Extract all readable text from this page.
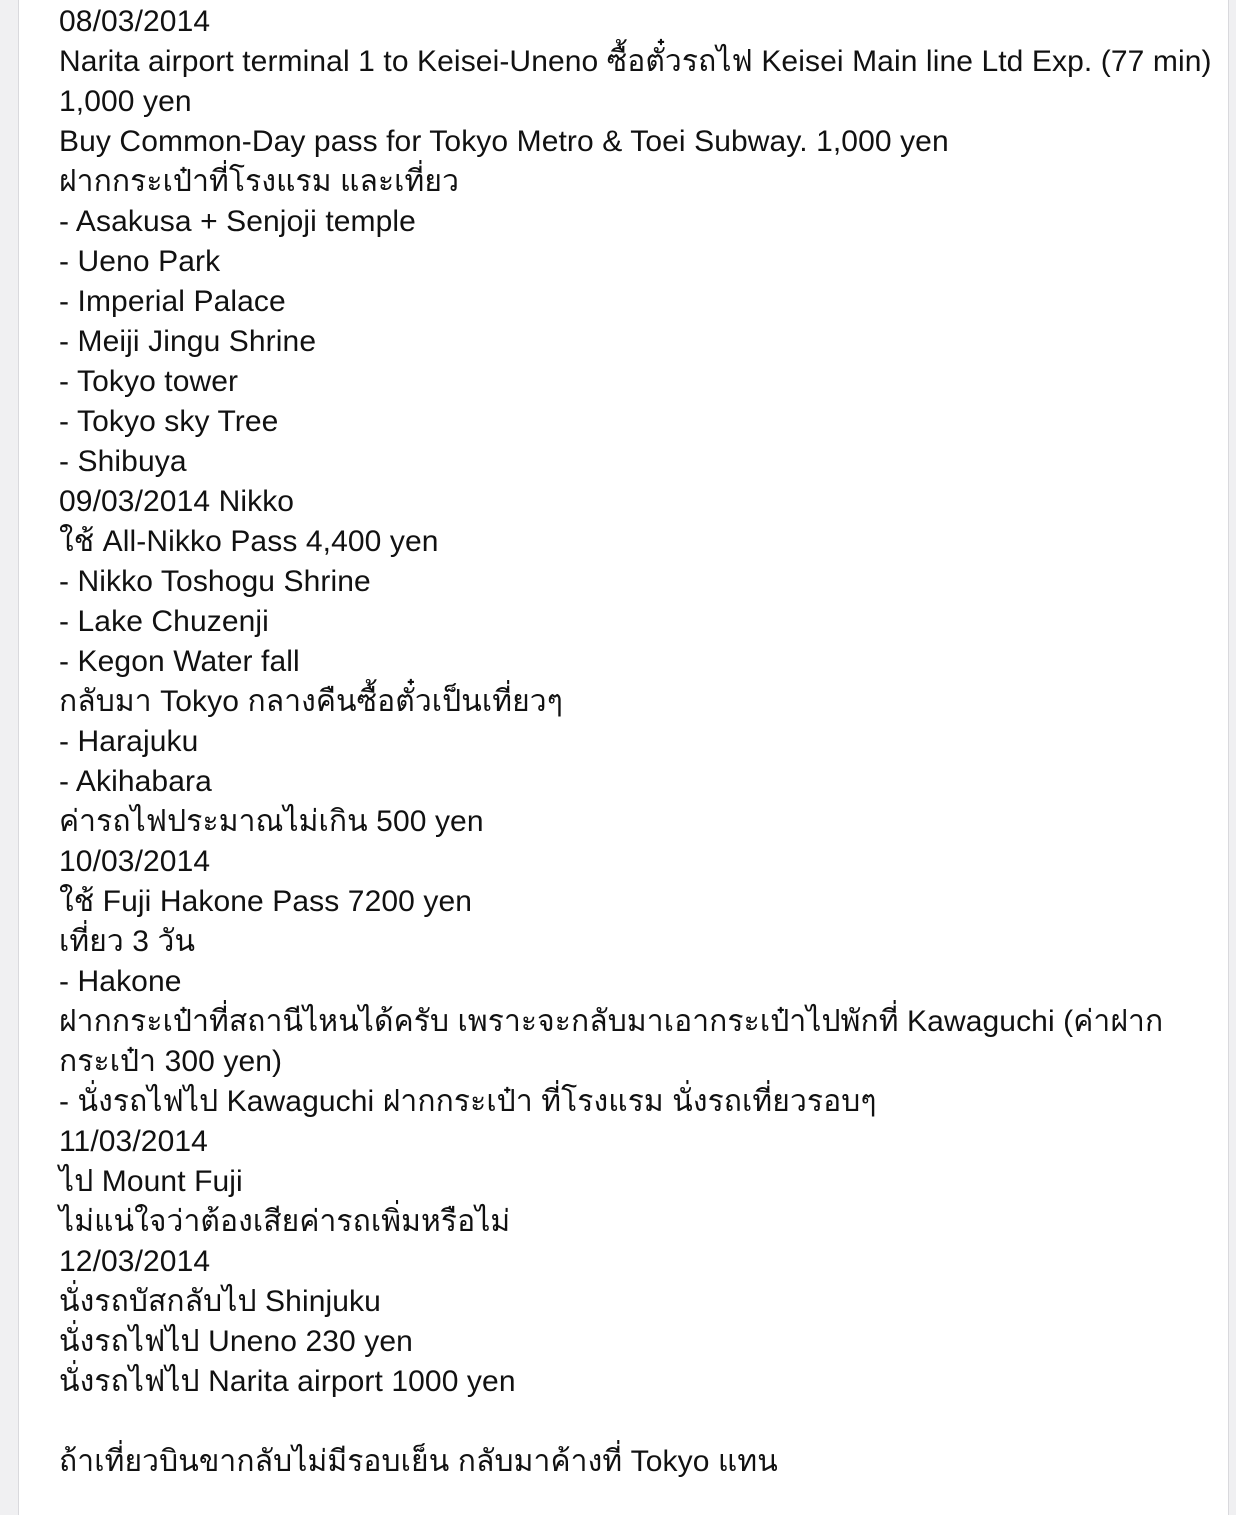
08/03/2014
Narita airport terminal 1 to Keisei-Uneno ซื้อตั๋วรถไฟ Keisei Main line Ltd Exp. (77 min) 1,000 yen
Buy Common-Day pass for Tokyo Metro & Toei Subway. 1,000 yen
ฝากกระเป๋าที่โรงแรม และเที่ยว
- Asakusa + Senjoji temple
- Ueno Park
- Imperial Palace
- Meiji Jingu Shrine
- Tokyo tower
- Tokyo sky Tree
- Shibuya
09/03/2014 Nikko
ใช้ All-Nikko Pass 4,400 yen
- Nikko Toshogu Shrine
- Lake Chuzenji
- Kegon Water fall
กลับมา Tokyo กลางคืนซื้อตั๋วเป็นเที่ยวๆ
- Harajuku
- Akihabara
ค่ารถไฟประมาณไม่เกิน 500 yen
10/03/2014
ใช้ Fuji Hakone Pass 7200 yen
เที่ยว 3 วัน
- Hakone
ฝากกระเป๋าที่สถานีไหนได้ครับ เพราะจะกลับมาเอากระเป๋าไปพักที่ Kawaguchi (ค่าฝากกระเป๋า 300 yen)
- นั่งรถไฟไป Kawaguchi ฝากกระเป๋า ที่โรงแรม นั่งรถเที่ยวรอบๆ
11/03/2014
ไป Mount Fuji
ไม่แน่ใจว่าต้องเสียค่ารถเพิ่มหรือไม่
12/03/2014
นั่งรถบัสกลับไป Shinjuku
นั่งรถไฟไป Uneno 230 yen
นั่งรถไฟไป Narita airport 1000 yen
ถ้าเที่ยวบินขากลับไม่มีรอบเย็น กลับมาค้างที่ Tokyo แทน
